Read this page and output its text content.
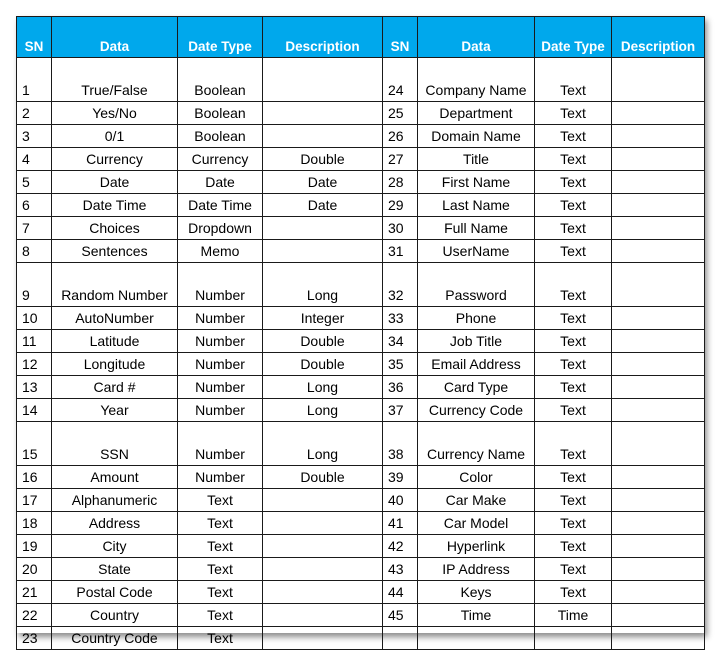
SN	Data	Date Type	Description	SN	Data	Date Type	Description
1	True/False	Boolean		24	Company Name	Text	
2	Yes/No	Boolean		25	Department	Text	
3	0/1	Boolean		26	Domain Name	Text	
4	Currency	Currency	Double	27	Title	Text	
5	Date	Date	Date	28	First Name	Text	
6	Date Time	Date Time	Date	29	Last Name	Text	
7	Choices	Dropdown		30	Full Name	Text	
8	Sentences	Memo		31	UserName	Text	
9	Random Number	Number	Long	32	Password	Text	
10	AutoNumber	Number	Integer	33	Phone	Text	
11	Latitude	Number	Double	34	Job Title	Text	
12	Longitude	Number	Double	35	Email Address	Text	
13	Card #	Number	Long	36	Card Type	Text	
14	Year	Number	Long	37	Currency Code	Text	
15	SSN	Number	Long	38	Currency Name	Text	
16	Amount	Number	Double	39	Color	Text	
17	Alphanumeric	Text		40	Car Make	Text	
18	Address	Text		41	Car Model	Text	
19	City	Text		42	Hyperlink	Text	
20	State	Text		43	IP Address	Text	
21	Postal Code	Text		44	Keys	Text	
22	Country	Text		45	Time	Time	
23	Country Code	Text					
